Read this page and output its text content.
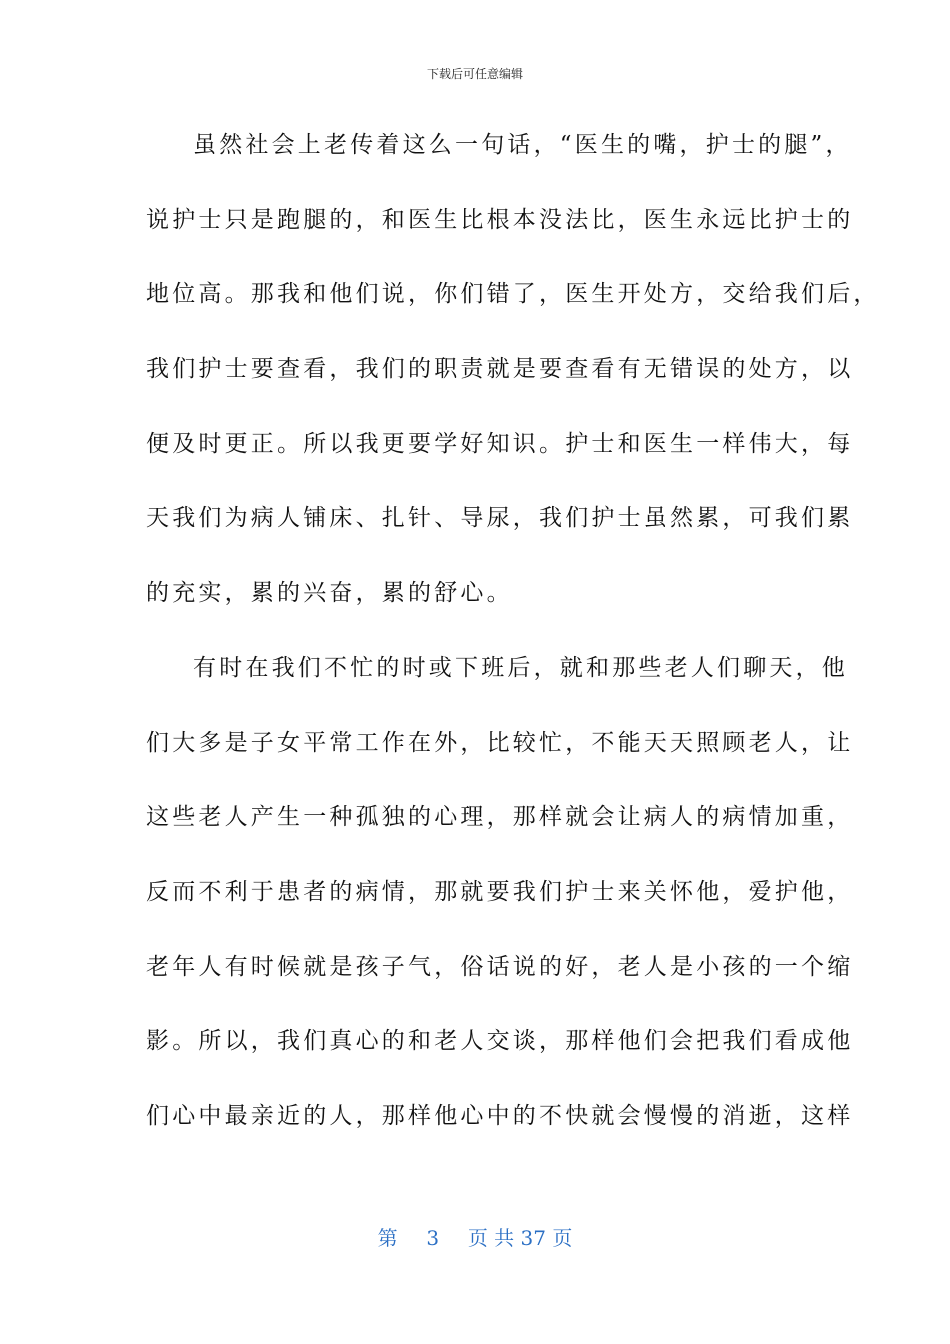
下载后可任意编辑
虽然社会上老传着这么一句话，“医生的嘴，护士的腿”，
说护士只是跑腿的，和医生比根本没法比，医生永远比护士的
地位高。那我和他们说，你们错了，医生开处方，交给我们后，
我们护士要查看，我们的职责就是要查看有无错误的处方，以
便及时更正。所以我更要学好知识。护士和医生一样伟大，每
天我们为病人铺床、扎针、导尿，我们护士虽然累，可我们累
的充实，累的兴奋，累的舒心。
有时在我们不忙的时或下班后，就和那些老人们聊天，他
们大多是子女平常工作在外，比较忙，不能天天照顾老人，让
这些老人产生一种孤独的心理，那样就会让病人的病情加重，
反而不利于患者的病情，那就要我们护士来关怀他，爱护他，
老年人有时候就是孩子气，俗话说的好，老人是小孩的一个缩
影。所以，我们真心的和老人交谈，那样他们会把我们看成他
们心中最亲近的人，那样他心中的不快就会慢慢的消逝，这样
第 3 页 共 37 页
